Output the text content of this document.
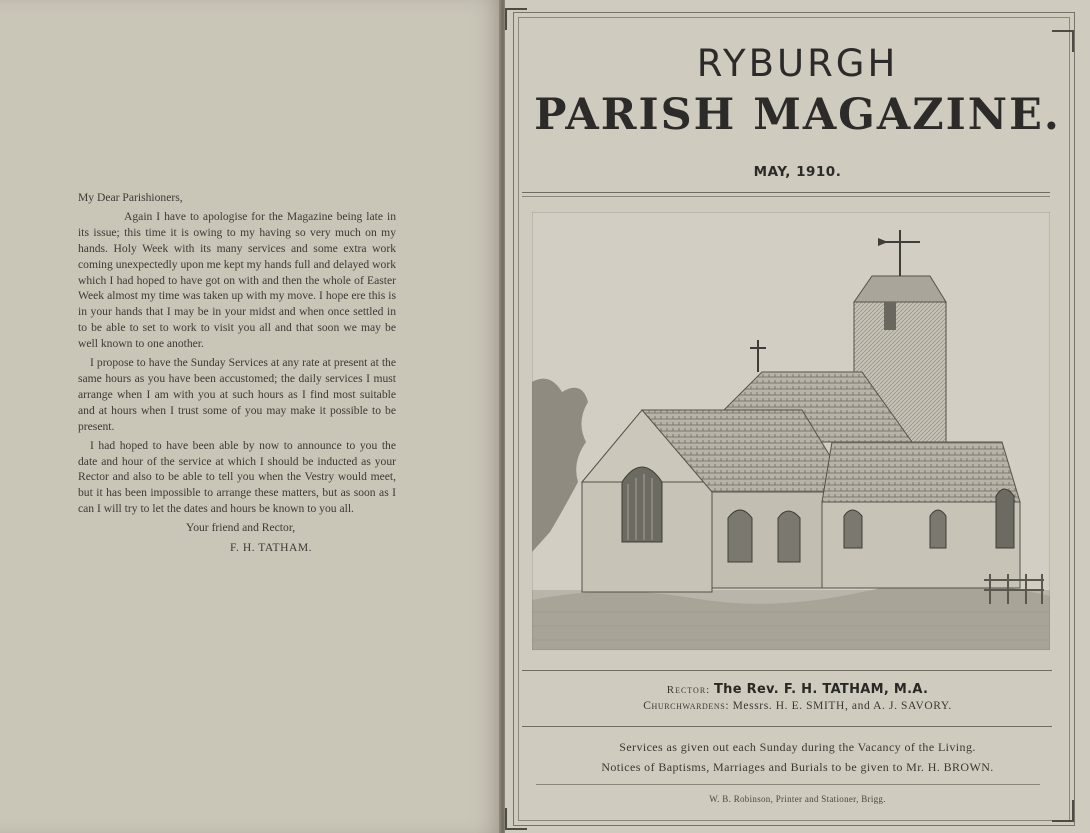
My Dear Parishioners,

Again I have to apologise for the Magazine being late in its issue; this time it is owing to my having so very much on my hands. Holy Week with its many services and some extra work coming unexpectedly upon me kept my hands full and delayed work which I had hoped to have got on with and then the whole of Easter Week almost my time was taken up with my move. I hope ere this is in your hands that I may be in your midst and when once settled in to be able to set to work to visit you all and that soon we may be well known to one another.

I propose to have the Sunday Services at any rate at present at the same hours as you have been accustomed; the daily services I must arrange when I am with you at such hours as I find most suitable and at hours when I trust some of you may make it possible to be present.

I had hoped to have been able by now to announce to you the date and hour of the service at which I should be inducted as your Rector and also to be able to tell you when the Vestry would meet, but it has been impossible to arrange these matters, but as soon as I can I will try to let the dates and hours be known to you all.

Your friend and Rector,

F. H. TATHAM.

RYBURGH
PARISH MAGAZINE.
MAY, 1910.
Rector: The Rev. F. H. TATHAM, M.A.
Churchwardens: Messrs. H. E. SMITH, and A. J. SAVORY.
Services as given out each Sunday during the Vacancy of the Living.
Notices of Baptisms, Marriages and Burials to be given to Mr. H. BROWN.
W. B. Robinson, Printer and Stationer, Brigg.
